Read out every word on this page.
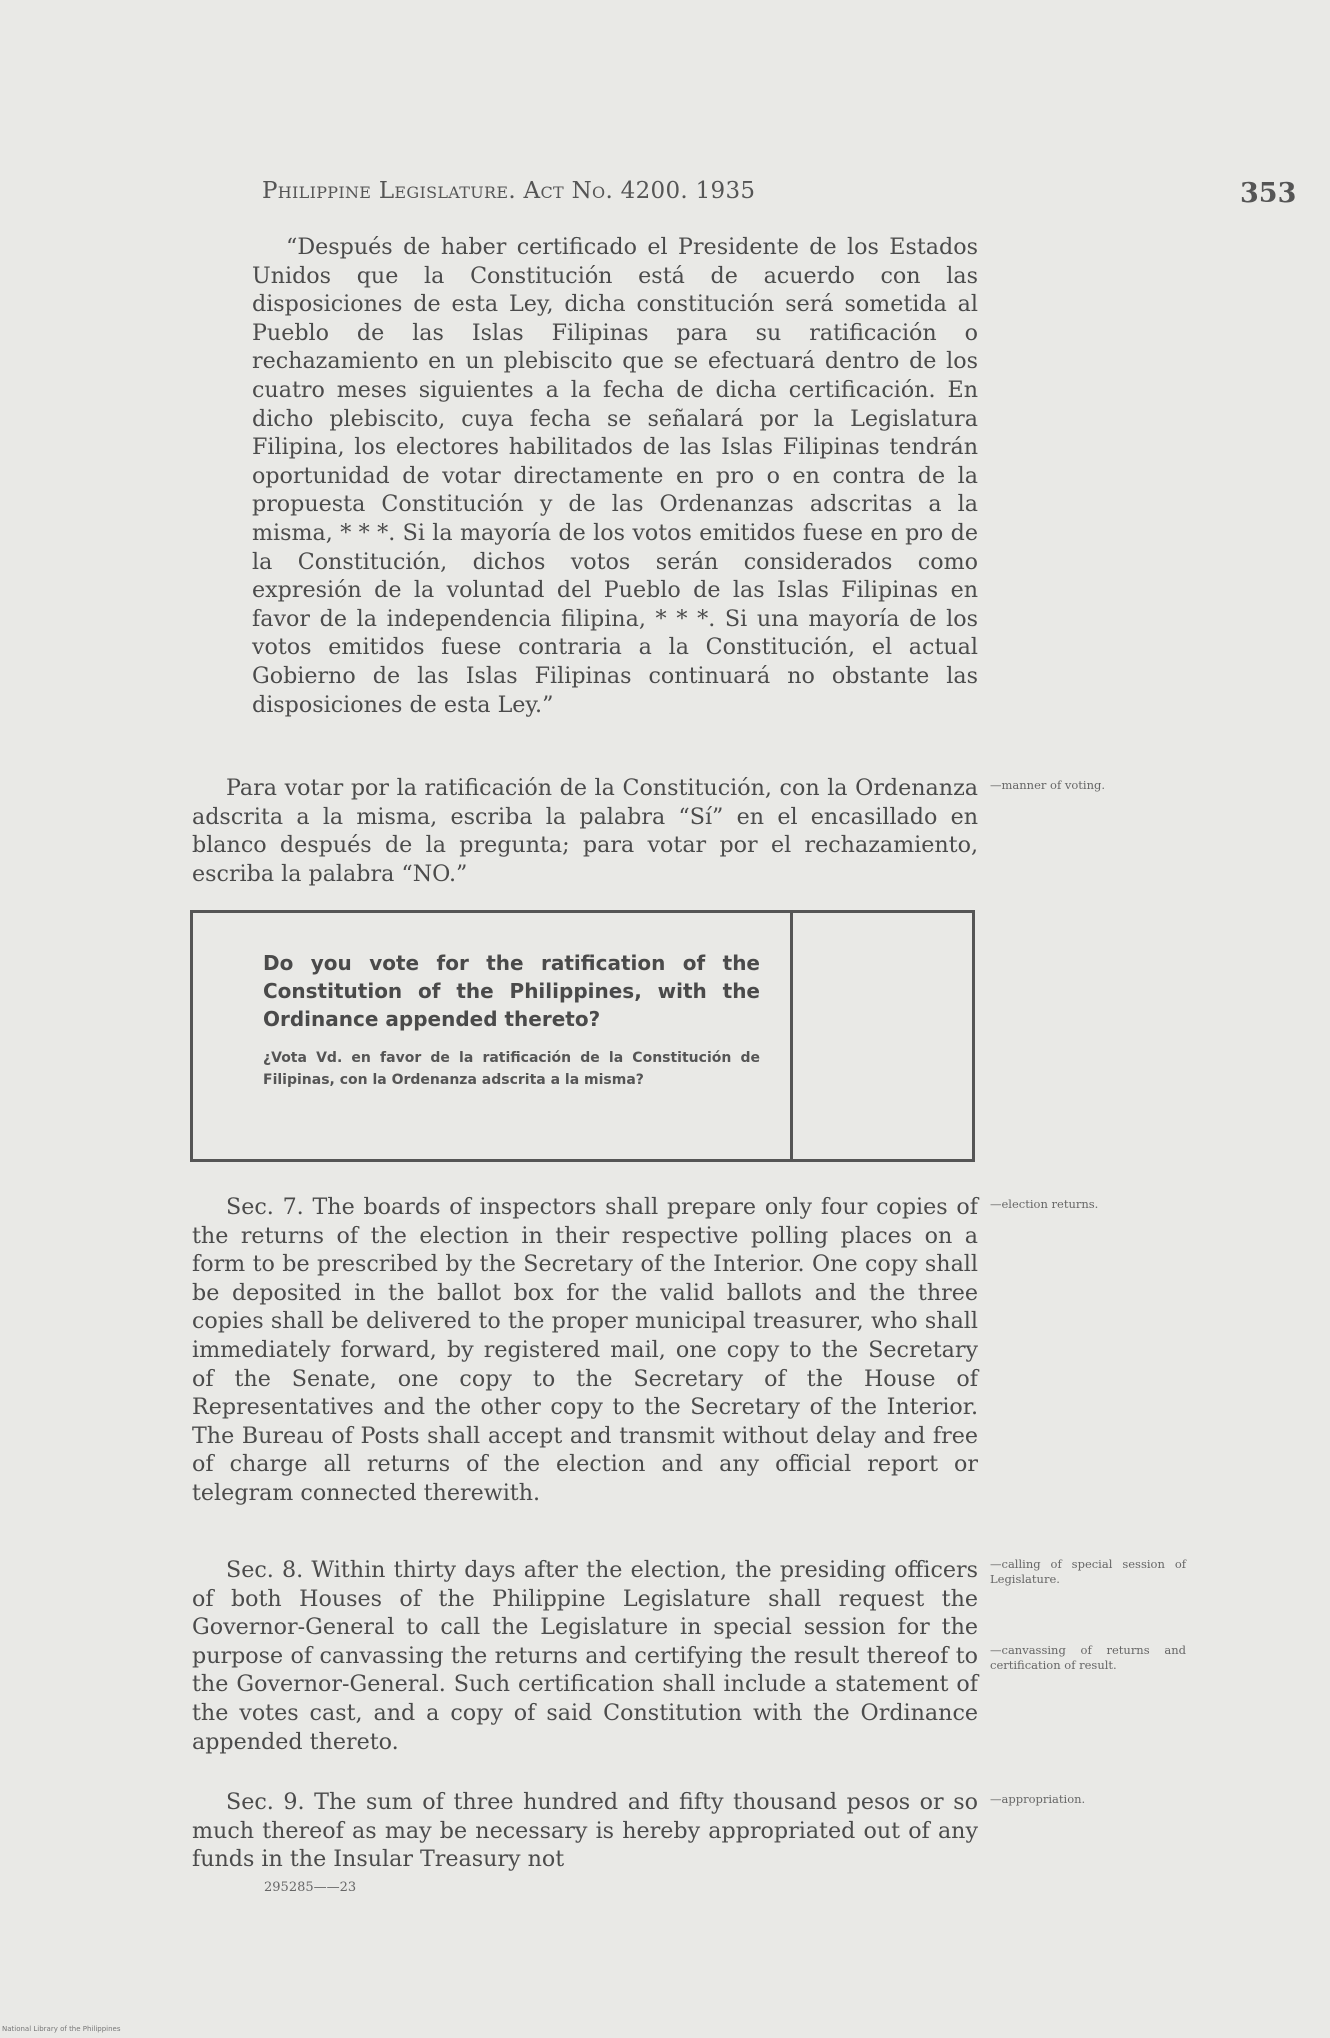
Philippine Legislature. Act No. 4200. 1935	353

“Después de haber certificado el Presidente de los Estados Unidos que la Constitución está de acuerdo con las disposiciones de esta Ley, dicha constitución será sometida al Pueblo de las Islas Filipinas para su ratificación o rechazamiento en un plebiscito que se efectuará dentro de los cuatro meses siguientes a la fecha de dicha certificación. En dicho plebiscito, cuya fecha se señalará por la Legislatura Filipina, los electores habilitados de las Islas Filipinas tendrán oportunidad de votar directamente en pro o en contra de la propuesta Constitución y de las Ordenanzas adscritas a la misma, * * *. Si la mayoría de los votos emitidos fuese en pro de la Constitución, dichos votos serán considerados como expresión de la voluntad del Pueblo de las Islas Filipinas en favor de la independencia filipina, * * *. Si una mayoría de los votos emitidos fuese contraria a la Constitución, el actual Gobierno de las Islas Filipinas continuará no obstante las disposiciones de esta Ley.”

Para votar por la ratificación de la Constitución, con la Ordenanza adscrita a la misma, escriba la palabra “Sí” en el encasillado en blanco después de la pregunta; para votar por el rechazamiento, escriba la palabra “NO.”

—manner of voting.

Do you vote for the ratification of the Constitution of the Philippines, with the Ordinance appended thereto?

¿Vota Vd. en favor de la ratificación de la Constitución de Filipinas, con la Ordenanza adscrita a la misma?

Sec. 7. The boards of inspectors shall prepare only four copies of the returns of the election in their respective polling places on a form to be prescribed by the Secretary of the Interior. One copy shall be deposited in the ballot box for the valid ballots and the three copies shall be delivered to the proper municipal treasurer, who shall immediately forward, by registered mail, one copy to the Secretary of the Senate, one copy to the Secretary of the House of Representatives and the other copy to the Secretary of the Interior. The Bureau of Posts shall accept and transmit without delay and free of charge all returns of the election and any official report or telegram connected therewith.

—election returns.

Sec. 8. Within thirty days after the election, the presiding officers of both Houses of the Philippine Legislature shall request the Governor-General to call the Legislature in special session for the purpose of canvassing the returns and certifying the result thereof to the Governor-General. Such certification shall include a statement of the votes cast, and a copy of said Constitution with the Ordinance appended thereto.

—calling of special session of Legislature.
—canvassing of returns and certification of result.

Sec. 9. The sum of three hundred and fifty thousand pesos or so much thereof as may be necessary is hereby appropriated out of any funds in the Insular Treasury not

—appropriation.
295285——23
National Library of the Philippines
